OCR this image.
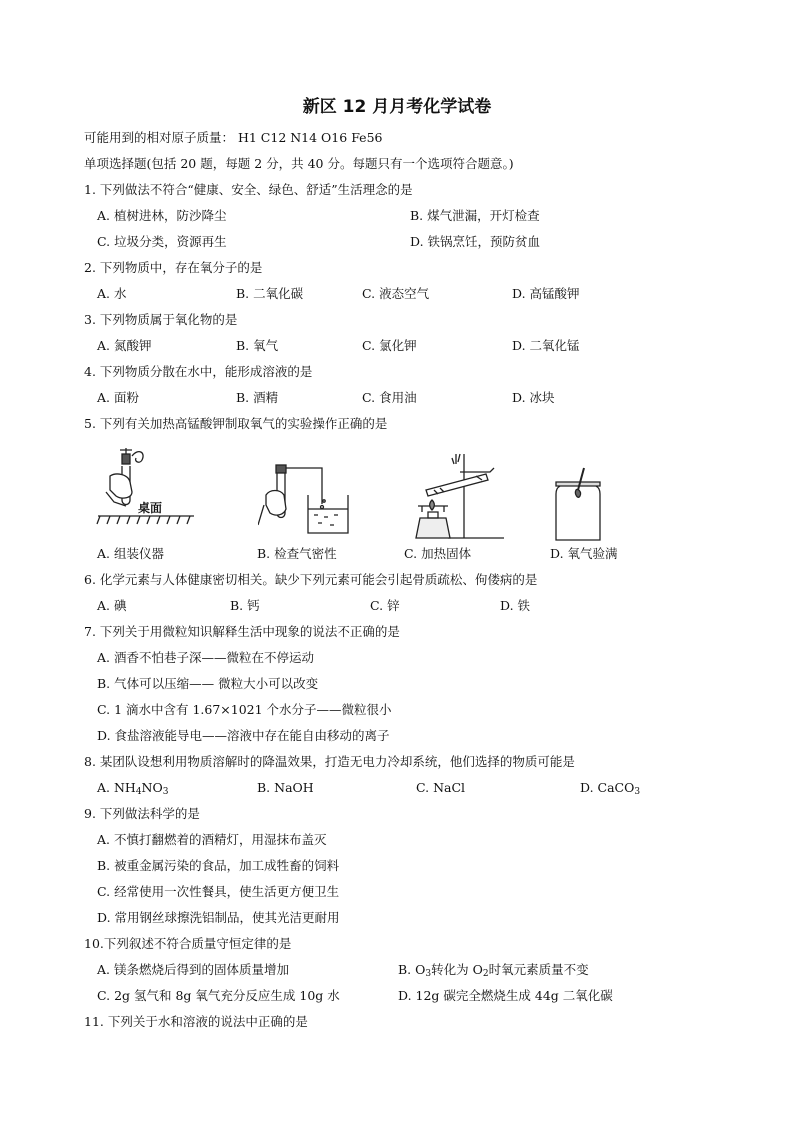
新区 12 月月考化学试卷
可能用到的相对原子质量： H1 C12 N14 O16 Fe56
单项选择题(包括 20 题，每题 2 分，共 40 分。每题只有一个选项符合题意。)
1. 下列做法不符合“健康、安全、绿色、舒适”生活理念的是
A. 植树进林，防沙降尘	B. 煤气泄漏，开灯检查
C. 垃圾分类，资源再生	D. 铁锅烹饪，预防贫血
2. 下列物质中，存在氧分子的是
A. 水	B. 二氧化碳	C. 液态空气	D. 高锰酸钾
3. 下列物质属于氧化物的是
A. 氮酸钾	B. 氧气	C. 氯化钾	D. 二氧化锰
4. 下列物质分散在水中，能形成溶液的是
A. 面粉	B. 酒精	C. 食用油	D. 冰块
5. 下列有关加热高锰酸钾制取氧气的实验操作正确的是
桌面
A. 组装仪器	B. 检查气密性	C. 加热固体	D. 氧气验满
6. 化学元素与人体健康密切相关。缺少下列元素可能会引起骨质疏松、佝偻病的是
A. 碘	B. 钙	C. 锌	D. 铁
7. 下列关于用微粒知识解释生活中现象的说法不正确的是
A. 酒香不怕巷子深——微粒在不停运动
B. 气体可以压缩—— 微粒大小可以改变
C. 1 滴水中含有 1.67×1021 个水分子——微粒很小
D. 食盐溶液能导电——溶液中存在能自由移动的离子
8. 某团队设想利用物质溶解时的降温效果，打造无电力冷却系统，他们选择的物质可能是
A. $NH_4NO_3$	B. NaOH	C. NaCl	D. CaCO$_3$
9. 下列做法科学的是
A. 不慎打翻燃着的酒精灯，用湿抹布盖灭
B. 被重金属污染的食品，加工成牲畜的饲料
C. 经常使用一次性餐具，使生活更方便卫生
D. 常用钢丝球擦洗铝制品，使其光洁更耐用
10.下列叙述不符合质量守恒定律的是
A. 镁条燃烧后得到的固体质量增加	B. $O_3$转化为 $O_2$时氧元素质量不变
C. 2g 氢气和 8g 氧气充分反应生成 10g 水	D. 12g 碳完全燃烧生成 44g 二氧化碳
11. 下列关于水和溶液的说法中正确的是
